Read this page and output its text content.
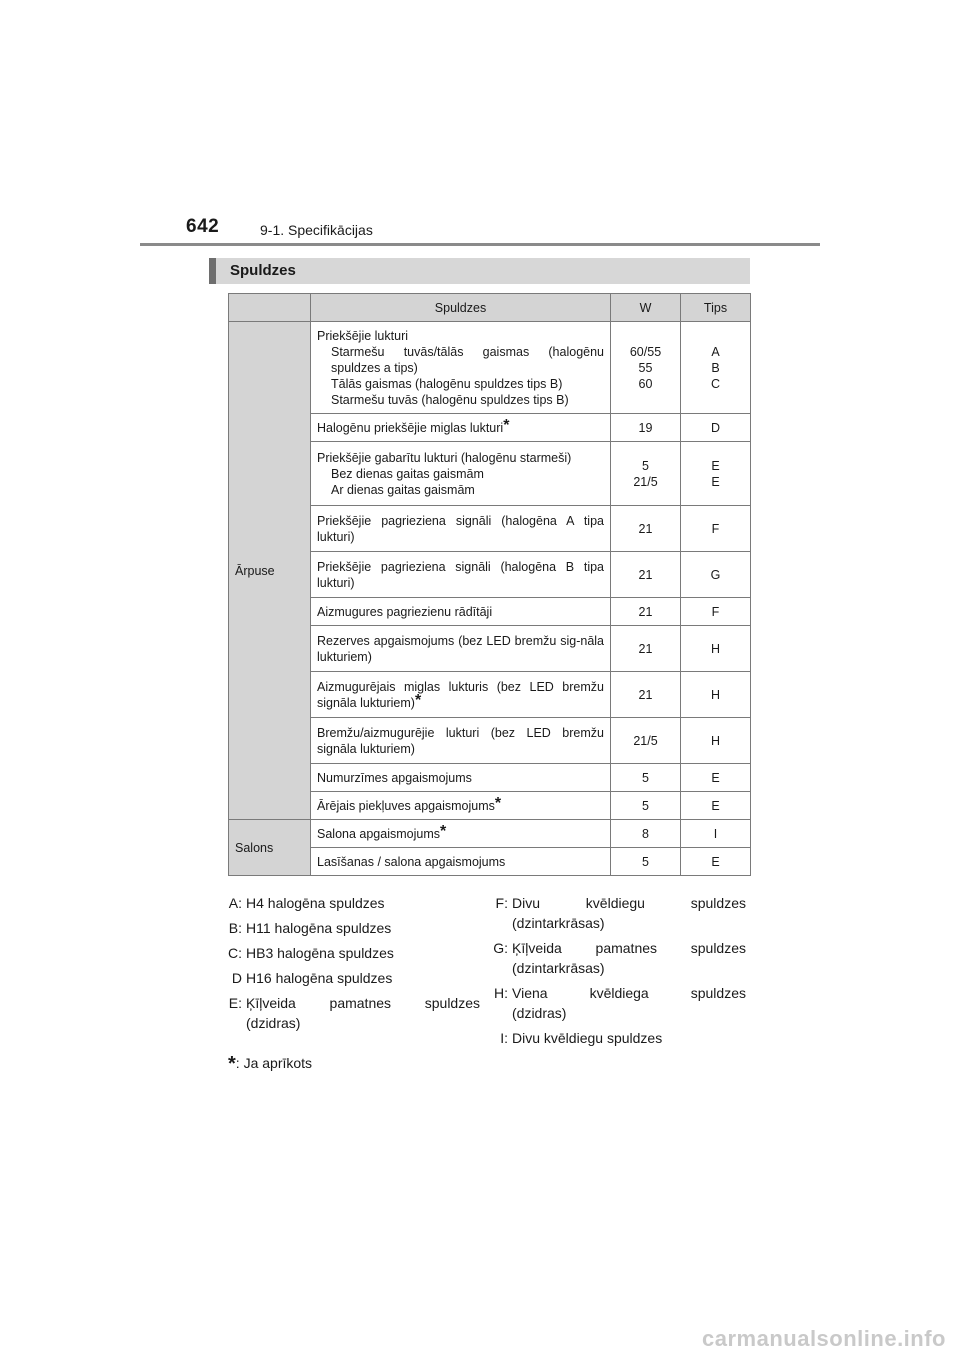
642	9-1. Specifikācijas
Spuldzes
	Spuldzes	W	Tips
Ārpuse	Priekšējie lukturi
Starmešu tuvās/tālās gaismas (halogēnu spuldzes a tips)
Tālās gaismas (halogēnu spuldzes tips B)
Starmešu tuvās (halogēnu spuldzes tips B)	60/55
55
60	A
B
C
	Halogēnu priekšējie miglas lukturi*	19	D
	Priekšējie gabarītu lukturi (halogēnu starmeši)
Bez dienas gaitas gaismām
Ar dienas gaitas gaismām	5
21/5	E
E
	Priekšējie pagrieziena signāli (halogēna A tipa lukturi)	21	F
	Priekšējie pagrieziena signāli (halogēna B tipa lukturi)	21	G
	Aizmugures pagriezienu rādītāji	21	F
	Rezerves apgaismojums (bez LED bremžu sig-nāla lukturiem)	21	H
	Aizmugurējais miglas lukturis (bez LED bremžu signāla lukturiem)*	21	H
	Bremžu/aizmugurējie lukturi (bez LED bremžu signāla lukturiem)	21/5	H
	Numurzīmes apgaismojums	5	E
	Ārējais piekļuves apgaismojums*	5	E
Salons	Salona apgaismojums*	8	I
	Lasīšanas / salona apgaismojums	5	E
A: H4 halogēna spuldzes
B: H11 halogēna spuldzes
C: HB3 halogēna spuldzes
D H16 halogēna spuldzes
E: Ķīļveida pamatnes spuldzes
(dzidras)
F: Divu kvēldiegu spuldzes
(dzintarkrāsas)
G: Ķīļveida pamatnes spuldzes
(dzintarkrāsas)
H: Viena kvēldiega spuldzes
(dzidras)
I: Divu kvēldiegu spuldzes
*: Ja aprīkots
carmanualsonline.info
